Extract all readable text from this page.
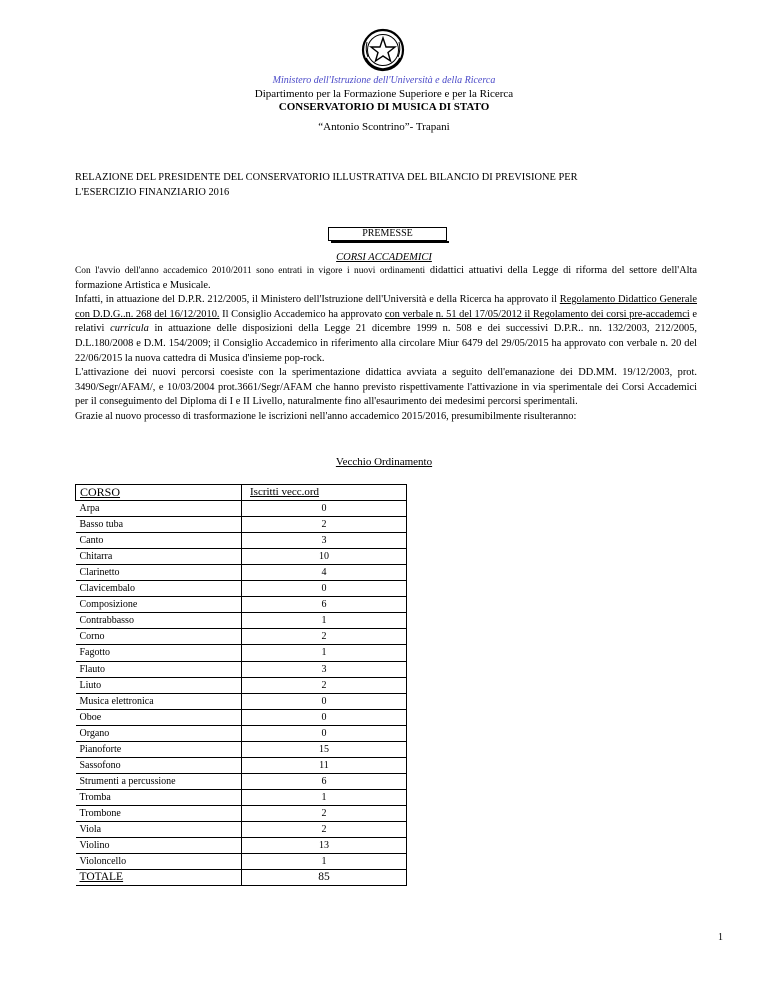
Ministero dell'Istruzione dell'Università e della Ricerca
Dipartimento per la Formazione Superiore e per la Ricerca
CONSERVATORIO DI MUSICA DI STATO
“Antonio Scontrino”- Trapani
RELAZIONE DEL PRESIDENTE DEL CONSERVATORIO ILLUSTRATIVA DEL BILANCIO DI PREVISIONE PER
L'ESERCIZIO FINANZIARIO 2016
PREMESSE
CORSI ACCADEMICI

Con l'avvio dell'anno accademico 2010/2011 sono entrati in vigore i nuovi ordinamenti didattici attuativi della Legge di riforma del settore dell'Alta formazione Artistica e Musicale.

Infatti, in attuazione del D.P.R. 212/2005, il Ministero dell'Istruzione dell'Università e della Ricerca ha approvato il Regolamento Didattico Generale con D.D.G..n. 268 del 16/12/2010. Il Consiglio Accademico ha approvato con verbale n. 51 del 17/05/2012 il Regolamento dei corsi pre-accademci e relativi curricula in attuazione delle disposizioni della Legge 21 dicembre 1999 n. 508 e dei successivi D.P.R.. nn. 132/2003, 212/2005, D.L.180/2008 e D.M. 154/2009; il Consiglio Accademico in riferimento alla circolare Miur 6479 del 29/05/2015 ha approvato con verbale n. 20 del 22/06/2015 la nuova cattedra di Musica d'insieme pop-rock.

L'attivazione dei nuovi percorsi coesiste con la sperimentazione didattica avviata a seguito dell'emanazione dei DD.MM. 19/12/2003, prot. 3490/Segr/AFAM/, e 10/03/2004 prot.3661/Segr/AFAM che hanno previsto rispettivamente l'attivazione in via sperimentale dei Corsi Accademici per il conseguimento del Diploma di I e II Livello, naturalmente fino all'esaurimento dei medesimi percorsi sperimentali.

Grazie al nuovo processo di trasformazione le iscrizioni nell'anno accademico 2015/2016, presumibilmente risulteranno:

Vecchio Ordinamento
CORSO	Iscritti vecc.ord
Arpa	0
Basso tuba	2
Canto	3
Chitarra	10
Clarinetto	4
Clavicembalo	0
Composizione	6
Contrabbasso	1
Corno	2
Fagotto	1
Flauto	3
Liuto	2
Musica elettronica	0
Oboe	0
Organo	0
Pianoforte	15
Sassofono	11
Strumenti a percussione	6
Tromba	1
Trombone	2
Viola	2
Violino	13
Violoncello	1
TOTALE	85
1
